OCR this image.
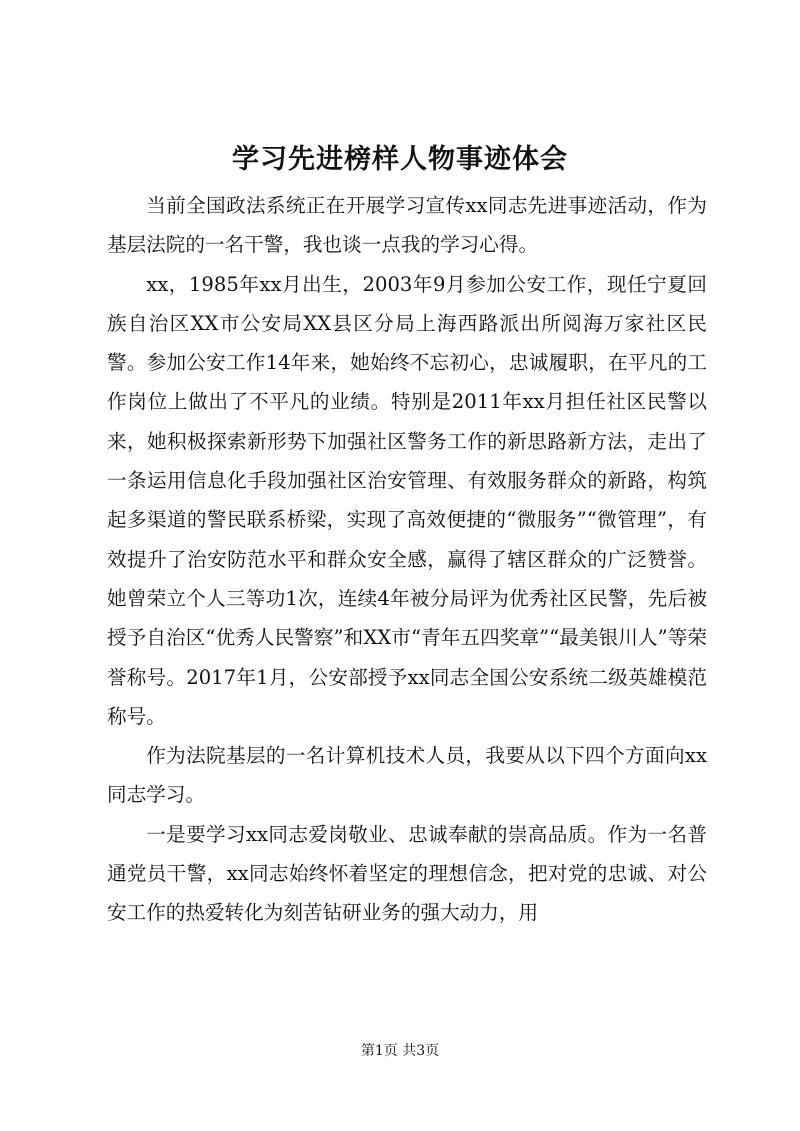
学习先进榜样人物事迹体会

当前全国政法系统正在开展学习宣传xx同志先进事迹活动，作为基层法院的一名干警，我也谈一点我的学习心得。

xx，1985年xx月出生，2003年9月参加公安工作，现任宁夏回族自治区XX市公安局XX县区分局上海西路派出所阅海万家社区民警。参加公安工作14年来，她始终不忘初心，忠诚履职，在平凡的工作岗位上做出了不平凡的业绩。特别是2011年xx月担任社区民警以来，她积极探索新形势下加强社区警务工作的新思路新方法，走出了一条运用信息化手段加强社区治安管理、有效服务群众的新路，构筑起多渠道的警民联系桥梁，实现了高效便捷的“微服务”“微管理”，有效提升了治安防范水平和群众安全感，赢得了辖区群众的广泛赞誉。她曾荣立个人三等功1次，连续4年被分局评为优秀社区民警，先后被授予自治区“优秀人民警察”和XX市“青年五四奖章”“最美银川人”等荣誉称号。2017年1月，公安部授予xx同志全国公安系统二级英雄模范称号。

作为法院基层的一名计算机技术人员，我要从以下四个方面向xx同志学习。

一是要学习xx同志爱岗敬业、忠诚奉献的崇高品质。作为一名普通党员干警，xx同志始终怀着坚定的理想信念，把对党的忠诚、对公安工作的热爱转化为刻苦钻研业务的强大动力，用

第1页 共3页
